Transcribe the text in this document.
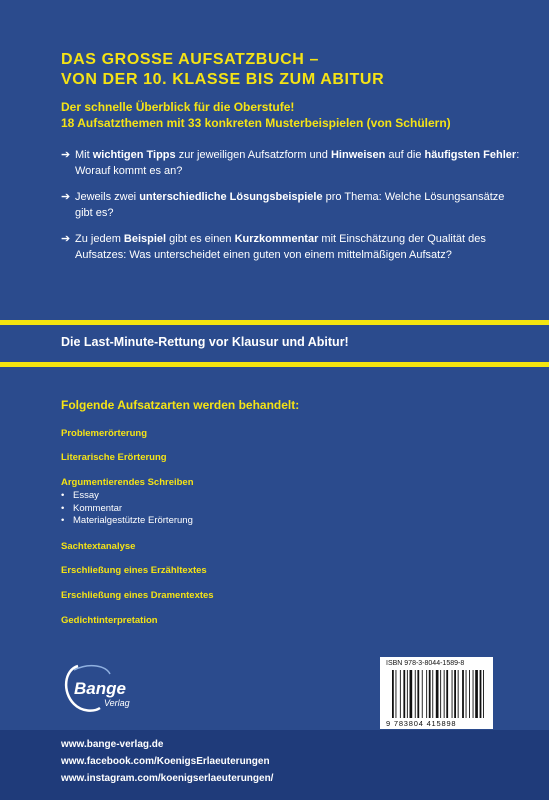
DAS GROSSE AUFSATZBUCH –
VON DER 10. KLASSE BIS ZUM ABITUR
Der schnelle Überblick für die Oberstufe!
18 Aufsatzthemen mit 33 konkreten Musterbeispielen (von Schülern)
➔ Mit wichtigen Tipps zur jeweiligen Aufsatzform und Hinweisen auf die häufigsten Fehler: Worauf kommt es an?
➔ Jeweils zwei unterschiedliche Lösungsbeispiele pro Thema: Welche Lösungsansätze gibt es?
➔ Zu jedem Beispiel gibt es einen Kurzkommentar mit Einschätzung der Qualität des Aufsatzes: Was unterscheidet einen guten von einem mittelmäßigen Aufsatz?

Die Last-Minute-Rettung vor Klausur und Abitur!

Folgende Aufsatzarten werden behandelt:

Problemerörterung

Literarische Erörterung

Argumentierendes Schreiben

• Essay
• Kommentar
• Materialgestützte Erörterung

Sachtextanalyse

Erschließung eines Erzähltextes

Erschließung eines Dramentextes

Gedichtinterpretation

Bange
Verlag

ISBN 978-3-8044-1589-8

9 783804 415898

www.bange-verlag.de

www.facebook.com/KoenigsErlaeuterungen

www.instagram.com/koenigserlaeuterungen/
